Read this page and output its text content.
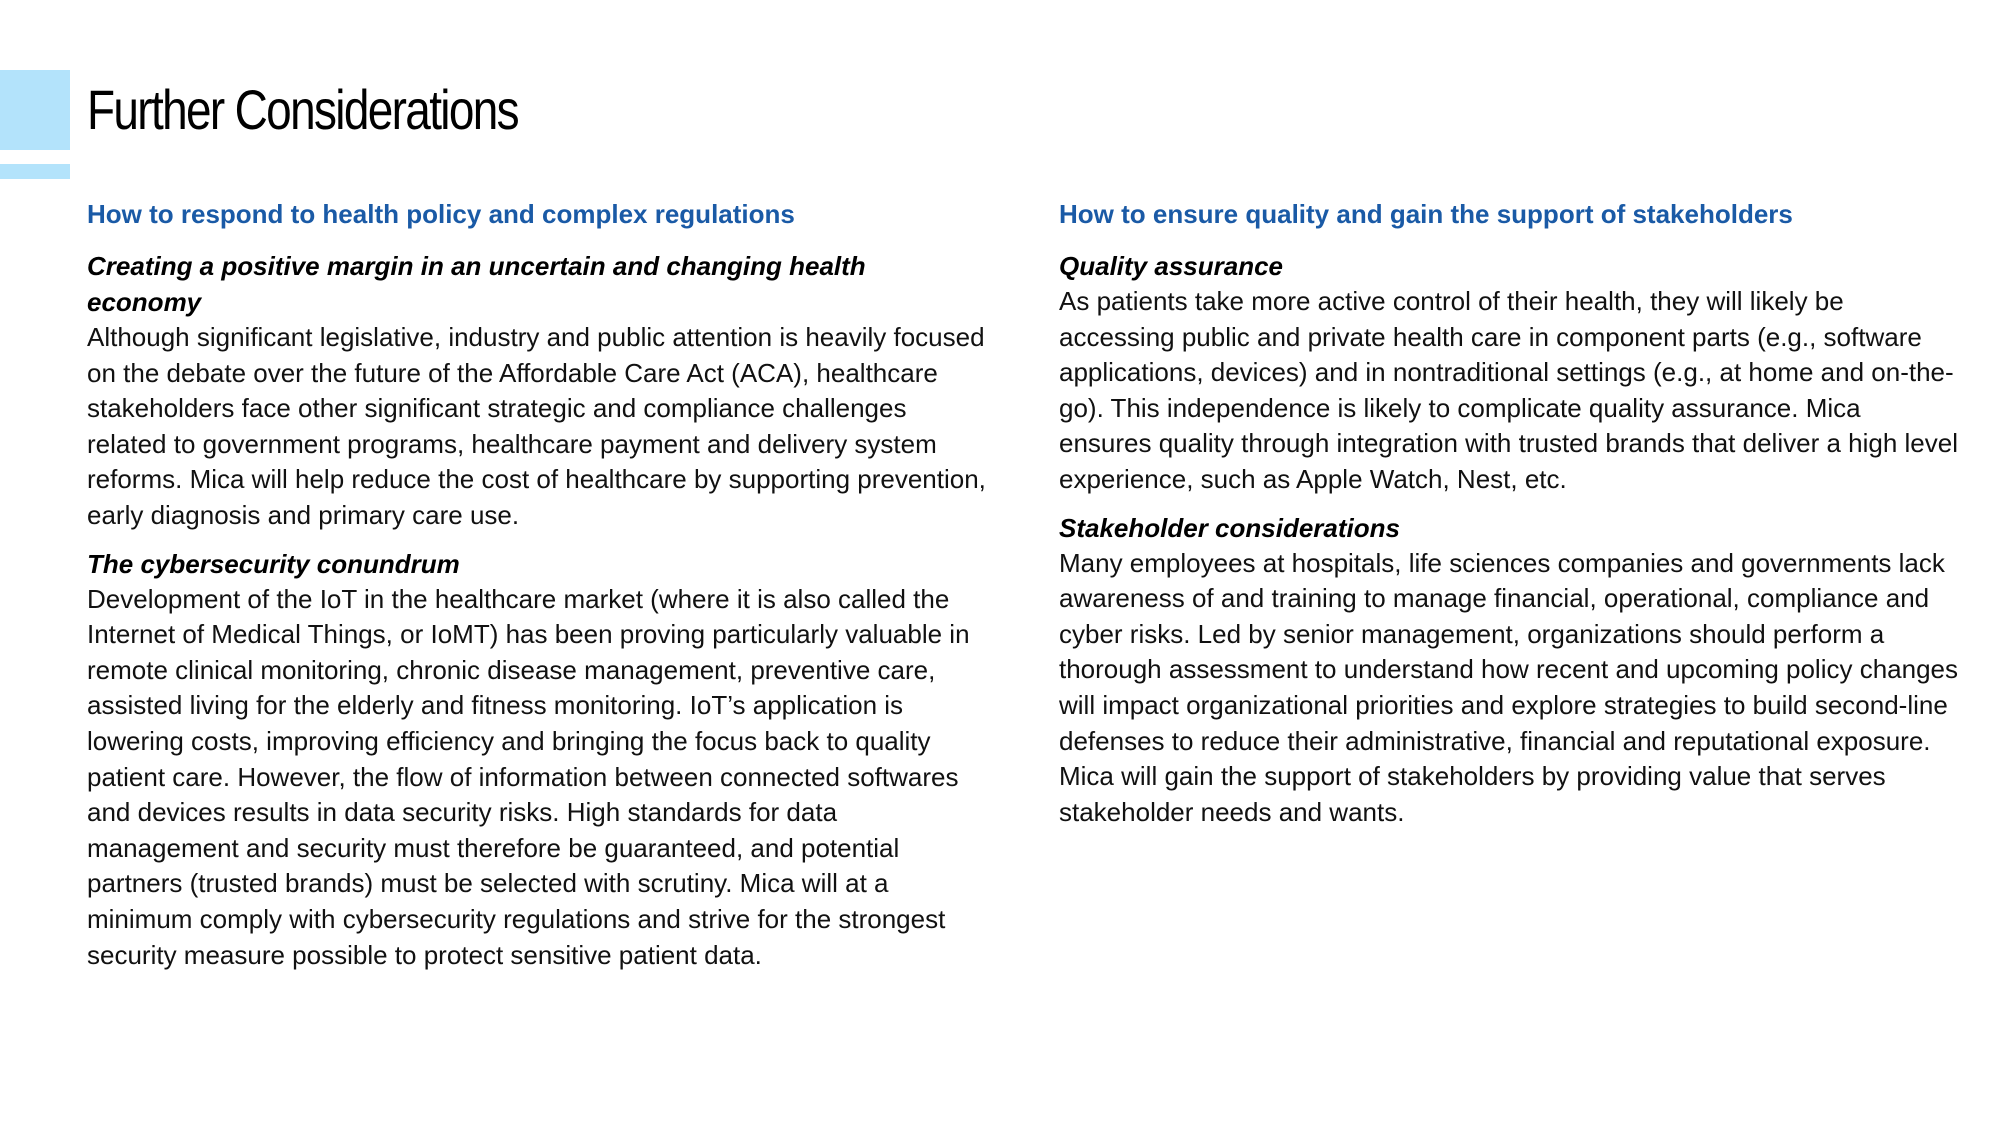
Further Considerations
How to respond to health policy and complex regulations
Creating a positive margin in an uncertain and changing health economy

Although significant legislative, industry and public attention is heavily focused on the debate over the future of the Affordable Care Act (ACA), healthcare stakeholders face other significant strategic and compliance challenges related to government programs, healthcare payment and delivery system reforms. Mica will help reduce the cost of healthcare by supporting prevention, early diagnosis and primary care use.

The cybersecurity conundrum

Development of the IoT in the healthcare market (where it is also called the Internet of Medical Things, or IoMT) has been proving particularly valuable in remote clinical monitoring, chronic disease management, preventive care, assisted living for the elderly and fitness monitoring. IoT’s application is lowering costs, improving efficiency and bringing the focus back to quality patient care. However, the flow of information between connected softwares and devices results in data security risks. High standards for data management and security must therefore be guaranteed, and potential partners (trusted brands) must be selected with scrutiny. Mica will at a minimum comply with cybersecurity regulations and strive for the strongest security measure possible to protect sensitive patient data.

How to ensure quality and gain the support of stakeholders
Quality assurance

As patients take more active control of their health, they will likely be accessing public and private health care in component parts (e.g., software applications, devices) and in nontraditional settings (e.g., at home and on-the-go). This independence is likely to complicate quality assurance. Mica ensures quality through integration with trusted brands that deliver a high level experience, such as Apple Watch, Nest, etc.

Stakeholder considerations

Many employees at hospitals, life sciences companies and governments lack awareness of and training to manage financial, operational, compliance and cyber risks. Led by senior management, organizations should perform a thorough assessment to understand how recent and upcoming policy changes will impact organizational priorities and explore strategies to build second-line defenses to reduce their administrative, financial and reputational exposure. Mica will gain the support of stakeholders by providing value that serves stakeholder needs and wants.
